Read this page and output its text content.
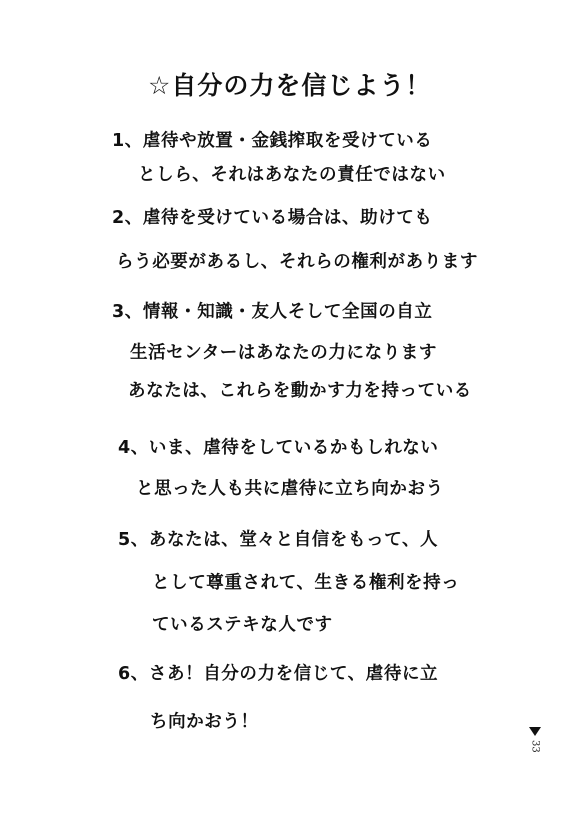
☆自分の力を信じよう！
1、虐待や放置・金銭搾取を受けている
としら、それはあなたの責任ではない
2、虐待を受けている場合は、助けても
らう必要があるし、それらの権利があります
3、情報・知識・友人そして全国の自立
生活センターはあなたの力になります
あなたは、これらを動かす力を持っている
4、いま、虐待をしているかもしれない
と思った人も共に虐待に立ち向かおう
5、あなたは、堂々と自信をもって、人
として尊重されて、生きる権利を持っ
ているステキな人です
6、さあ！自分の力を信じて、虐待に立
ち向かおう！
33
